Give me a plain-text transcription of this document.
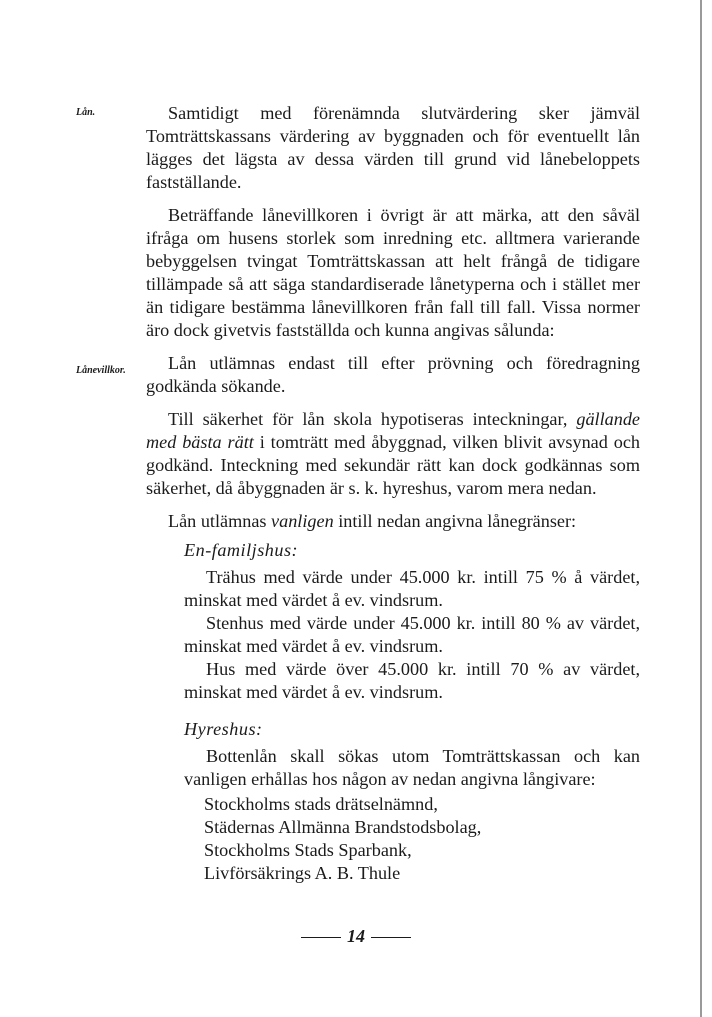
Lån.
Lånevillkor.

Samtidigt med förenämnda slutvärdering sker jämväl Tomträttskassans värdering av byggnaden och för eventuellt lån lägges det lägsta av dessa värden till grund vid lånebeloppets fastställande.

Beträffande lånevillkoren i övrigt är att märka, att den såväl ifråga om husens storlek som inredning etc. alltmera varierande bebyggelsen tvingat Tomträttskassan att helt frångå de tidigare tillämpade så att säga standardiserade lånetyperna och i stället mer än tidigare bestämma lånevillkoren från fall till fall. Vissa normer äro dock givetvis fastställda och kunna angivas sålunda:

Lån utlämnas endast till efter prövning och föredragning godkända sökande.

Till säkerhet för lån skola hypotiseras inteckningar, gällande med bästa rätt i tomträtt med åbyggnad, vilken blivit avsynad och godkänd. Inteckning med sekundär rätt kan dock godkännas som säkerhet, då åbyggnaden är s. k. hyreshus, varom mera nedan.

Lån utlämnas vanligen intill nedan angivna lånegränser:

En-familjshus:

Trähus med värde under 45.000 kr. intill 75 % å värdet, minskat med värdet å ev. vindsrum.

Stenhus med värde under 45.000 kr. intill 80 % av värdet, minskat med värdet å ev. vindsrum.

Hus med värde över 45.000 kr. intill 70 % av värdet, minskat med värdet å ev. vindsrum.

Hyreshus:

Bottenlån skall sökas utom Tomträttskassan och kan vanligen erhållas hos någon av nedan angivna långivare:

Stockholms stads drätselnämnd,
Städernas Allmänna Brandstodsbolag,
Stockholms Stads Sparbank,
Livförsäkrings A. B. Thule
14
